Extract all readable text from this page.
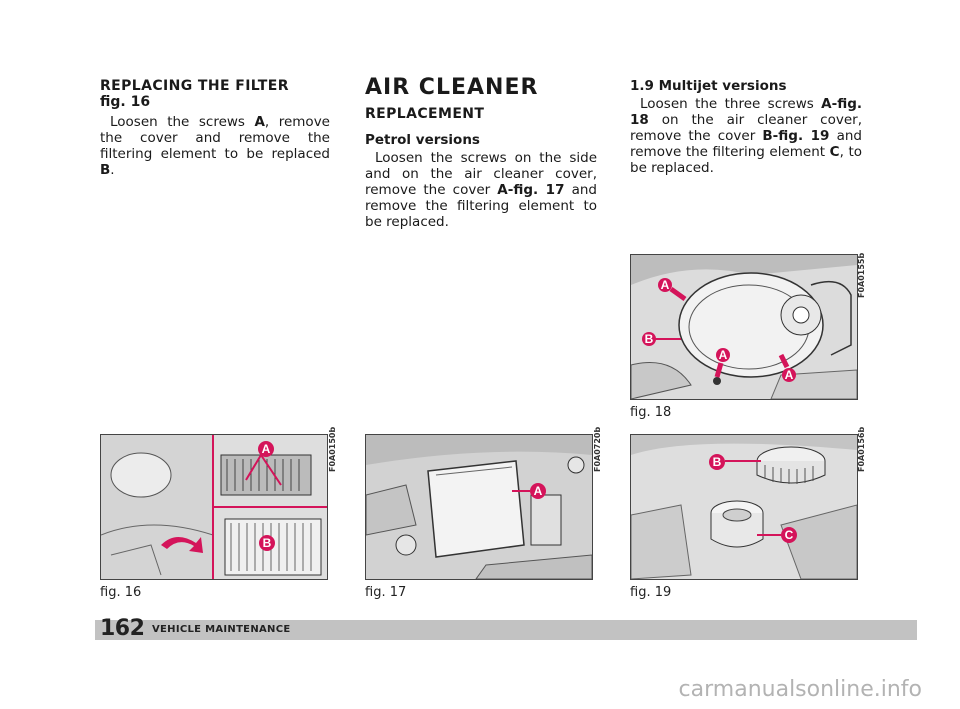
REPLACING THE FILTER
fig. 16

Loosen the screws A, remove the cover and remove the filtering element to be replaced B.

AIR CLEANER
REPLACEMENT
Petrol versions

Loosen the screws on the side and on the air cleaner cover, remove the cover A-fig. 17 and remove the filtering element to be replaced.

1.9 Multijet versions

Loosen the three screws A-fig. 18 on the air cleaner cover, remove the cover B-fig. 19 and remove the filtering element C, to be replaced.

A
B
A
A
F0A0155b
fig. 18
A
B
F0A0150b
fig. 16
A
F0A0720b
fig. 17
B
C
F0A0156b
fig. 19
162 VEHICLE MAINTENANCE
carmanualsonline.info
